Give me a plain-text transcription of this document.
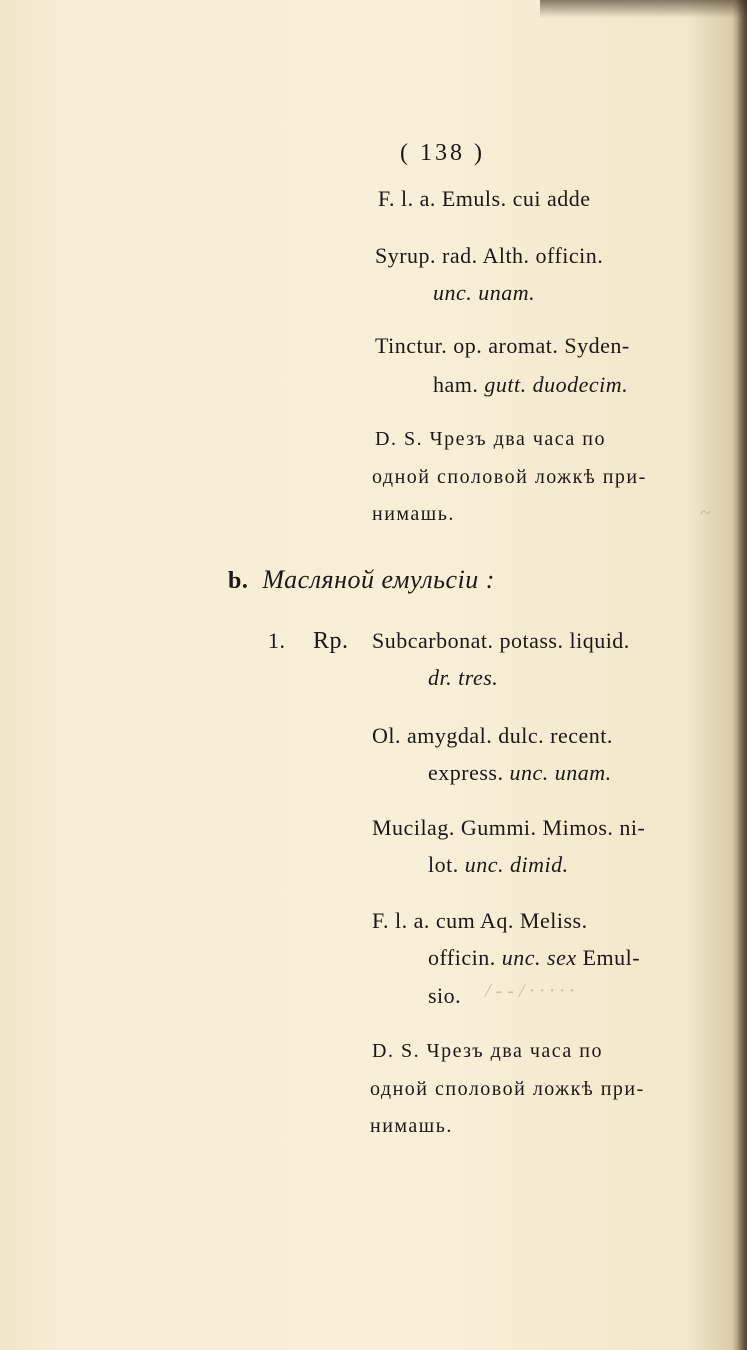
( 138 )
F. l. a. Emuls. cui adde
Syrup. rad. Alth. officin.
unc. unam.
Tinctur. op. aromat. Syden-
ham. gutt. duodecim.
D. S. Чрезъ два часа по
одной сполoвой ложкѣ при-
нимашь.	~
b. Масляной емульсіи :
1. Rp. Subcarbonat. potass. liquid.
dr. tres.
Ol. amygdal. dulc. recent.
express. unc. unam.
Mucilag. Gummi. Mimos. ni-
lot. unc. dimid.
F. l. a. cum Aq. Meliss.
officin. unc. sex Emul-
sio. / - - / · · · · ·
D. S. Чрезъ два часа по
одной сполoвой ложкѣ при-
нимашь.
